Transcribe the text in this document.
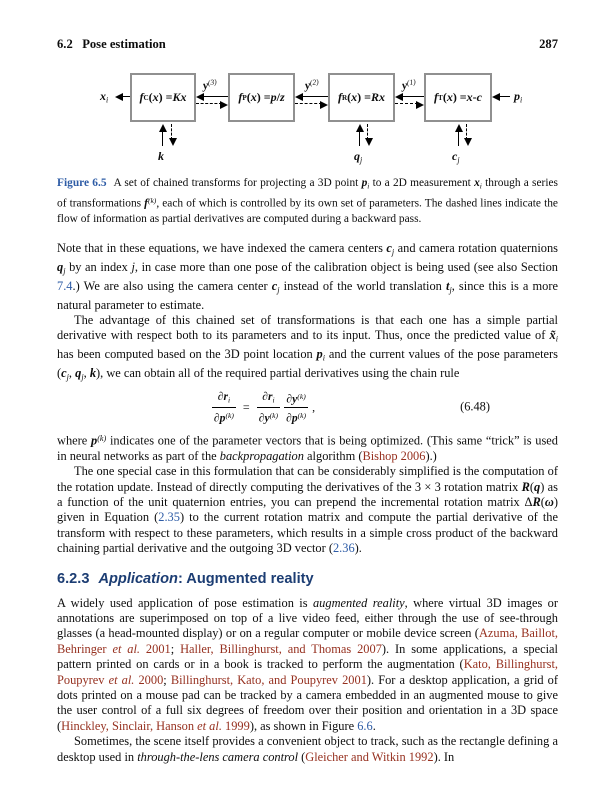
6.2   Pose estimation	287
xi	pi
f C ( x ) = Kx	f P ( x ) = p / z	f R ( x ) = Rx	f T ( x ) = x - c
$y^{(3)}$	$y^{(2)}$	$y^{(1)}$
k	qj	cj
Figure 6.5 A set of chained transforms for projecting a 3D point pi to a 2D measurement xi through a series of transformations $f^{(k)}$, each of which is controlled by its own set of parameters. The dashed lines indicate the flow of information as partial derivatives are computed during a backward pass.

Note that in these equations, we have indexed the camera centers cj and camera rotation quaternions qj by an index j, in case more than one pose of the calibration object is being used (see also Section 7.4.) We are also using the camera center cj instead of the world translation tj, since this is a more natural parameter to estimate.

The advantage of this chained set of transformations is that each one has a simple partial derivative with respect both to its parameters and to its input. Thus, once the predicted value of x̃i has been computed based on the 3D point location pi and the current values of the pose parameters (cj, qj, k), we can obtain all of the required partial derivatives using the chain rule

$\frac{\partial ri}{\partial p^{(k)}} = \frac{\partial ri}{\partial y^{(k)}} \frac{\partial y^{(k)}}{\partial p^{(k)}}$ ,	(6.48)

where $p^{(k)}$ indicates one of the parameter vectors that is being optimized. (This same “trick” is used in neural networks as part of the backpropagation algorithm (Bishop 2006).)

The one special case in this formulation that can be considerably simplified is the computation of the rotation update. Instead of directly computing the derivatives of the 3 × 3 rotation matrix R(q) as a function of the unit quaternion entries, you can prepend the incremental rotation matrix ΔR(ω) given in Equation (2.35) to the current rotation matrix and compute the partial derivative of the transform with respect to these parameters, which results in a simple cross product of the backward chaining partial derivative and the outgoing 3D vector (2.36).

6.2.3 Application: Augmented reality

A widely used application of pose estimation is augmented reality, where virtual 3D images or annotations are superimposed on top of a live video feed, either through the use of see-through glasses (a head-mounted display) or on a regular computer or mobile device screen (Azuma, Baillot, Behringer et al. 2001; Haller, Billinghurst, and Thomas 2007). In some applications, a special pattern printed on cards or in a book is tracked to perform the augmentation (Kato, Billinghurst, Poupyrev et al. 2000; Billinghurst, Kato, and Poupyrev 2001). For a desktop application, a grid of dots printed on a mouse pad can be tracked by a camera embedded in an augmented mouse to give the user control of a full six degrees of freedom over their position and orientation in a 3D space (Hinckley, Sinclair, Hanson et al. 1999), as shown in Figure 6.6.

Sometimes, the scene itself provides a convenient object to track, such as the rectangle defining a desktop used in through-the-lens camera control (Gleicher and Witkin 1992). In
